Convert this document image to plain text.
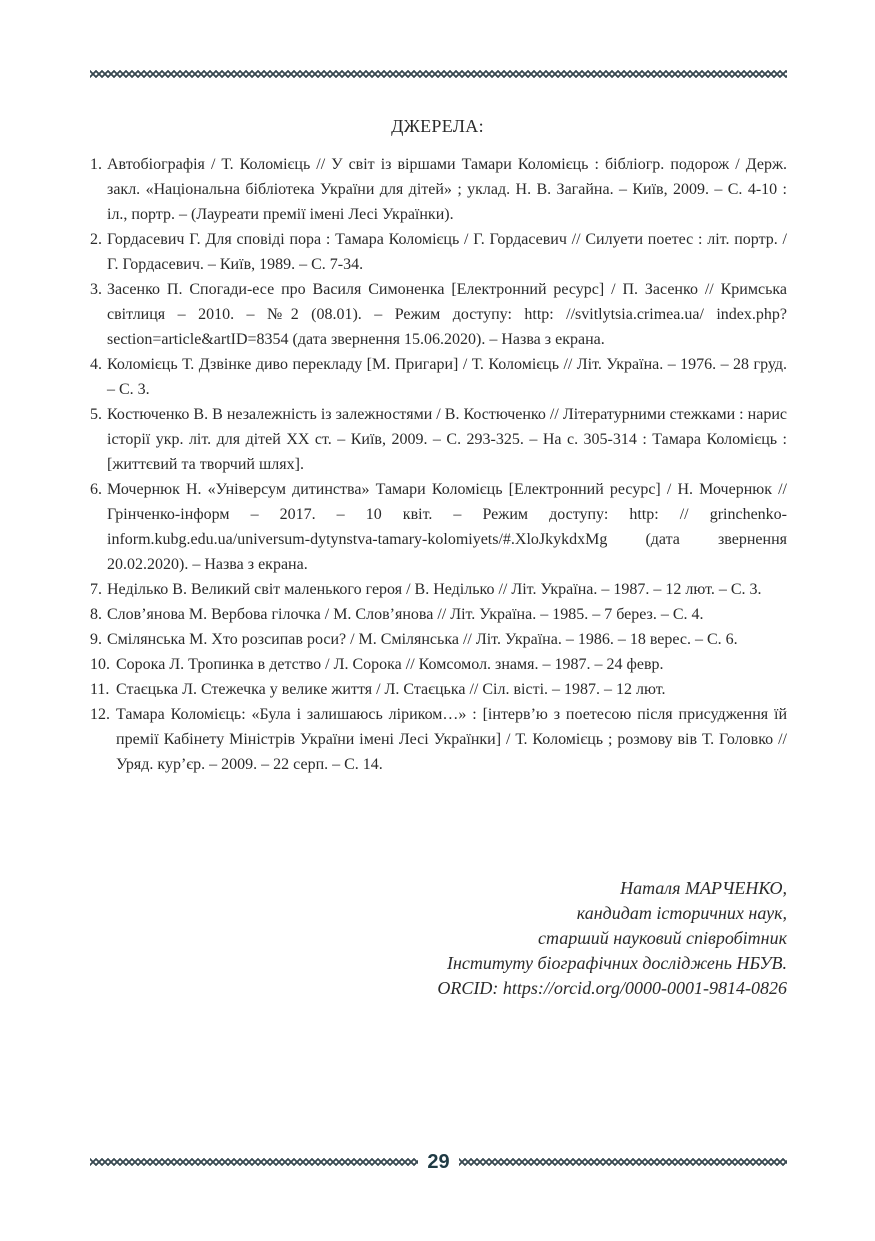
ДЖЕРЕЛА:
1. Автобіографія / Т. Коломієць // У світ із віршами Тамари Коломієць : бібліогр. подорож / Держ. закл. «Національна бібліотека України для дітей» ; уклад. Н. В. Загайна. – Київ, 2009. – С. 4-10 : іл., портр. – (Лауреати премії імені Лесі Українки).
2. Гордасевич Г. Для сповіді пора : Тамара Коломієць / Г. Гордасевич // Силуети поетес : літ. портр. / Г. Гордасевич. – Київ, 1989. – С. 7-34.
3. Засенко П. Спогади-есе про Василя Симоненка [Електронний ресурс] / П. Засенко // Кримська світлиця – 2010. – №2 (08.01). – Режим доступу: http: //svitlytsia.crimea.ua/ index.php?section=article&artID=8354 (дата звернення 15.06.2020). – Назва з екрана.
4. Коломієць Т. Дзвінке диво перекладу [М. Пригари] / Т. Коломієць // Літ. Україна. – 1976. – 28 груд. – С. 3.
5. Костюченко В. В незалежність із залежностями / В. Костюченко // Літературними стежками : нарис історії укр. літ. для дітей XX ст. – Київ, 2009. – С. 293-325. – На с. 305-314 : Тамара Коломієць : [життєвий та творчий шлях].
6. Мочернюк Н. «Універсум дитинства» Тамари Коломієць [Електронний ресурс] / Н. Мочернюк // Грінченко-інформ – 2017. – 10 квіт. – Режим доступу: http: // grinchenko-inform.kubg.edu.ua/universum-dytynstva-tamary-kolomiyets/#.XloJkykdxMg (дата звернення 20.02.2020). – Назва з екрана.
7. Неділько В. Великий світ маленького героя / В. Неділько // Літ. Україна. – 1987. – 12 лют. – С. 3.
8. Слов’янова М. Вербова гілочка / М. Слов’янова // Літ. Україна. – 1985. – 7 берез. – С. 4.
9. Смілянська М. Хто розсипав роси? / М. Смілянська // Літ. Україна. – 1986. – 18 верес. – С. 6.
10. Сорока Л. Тропинка в детство / Л. Сорока // Комсомол. знамя. – 1987. – 24 февр.
11. Стаєцька Л. Стежечка у велике життя / Л. Стаєцька // Сіл. вісті. – 1987. – 12 лют.
12. Тамара Коломієць: «Була і залишаюсь ліриком…» : [інтерв’ю з поетесою після присудження їй премії Кабінету Міністрів України імені Лесі Українки] / Т. Коломієць ; розмову вів Т. Головко // Уряд. кур’єр. – 2009. – 22 серп. – С. 14.
Наталя МАРЧЕНКО,
кандидат історичних наук,
старший науковий співробітник
Інституту біографічних досліджень НБУВ.
ORCID: https://orcid.org/0000-0001-9814-0826
29
